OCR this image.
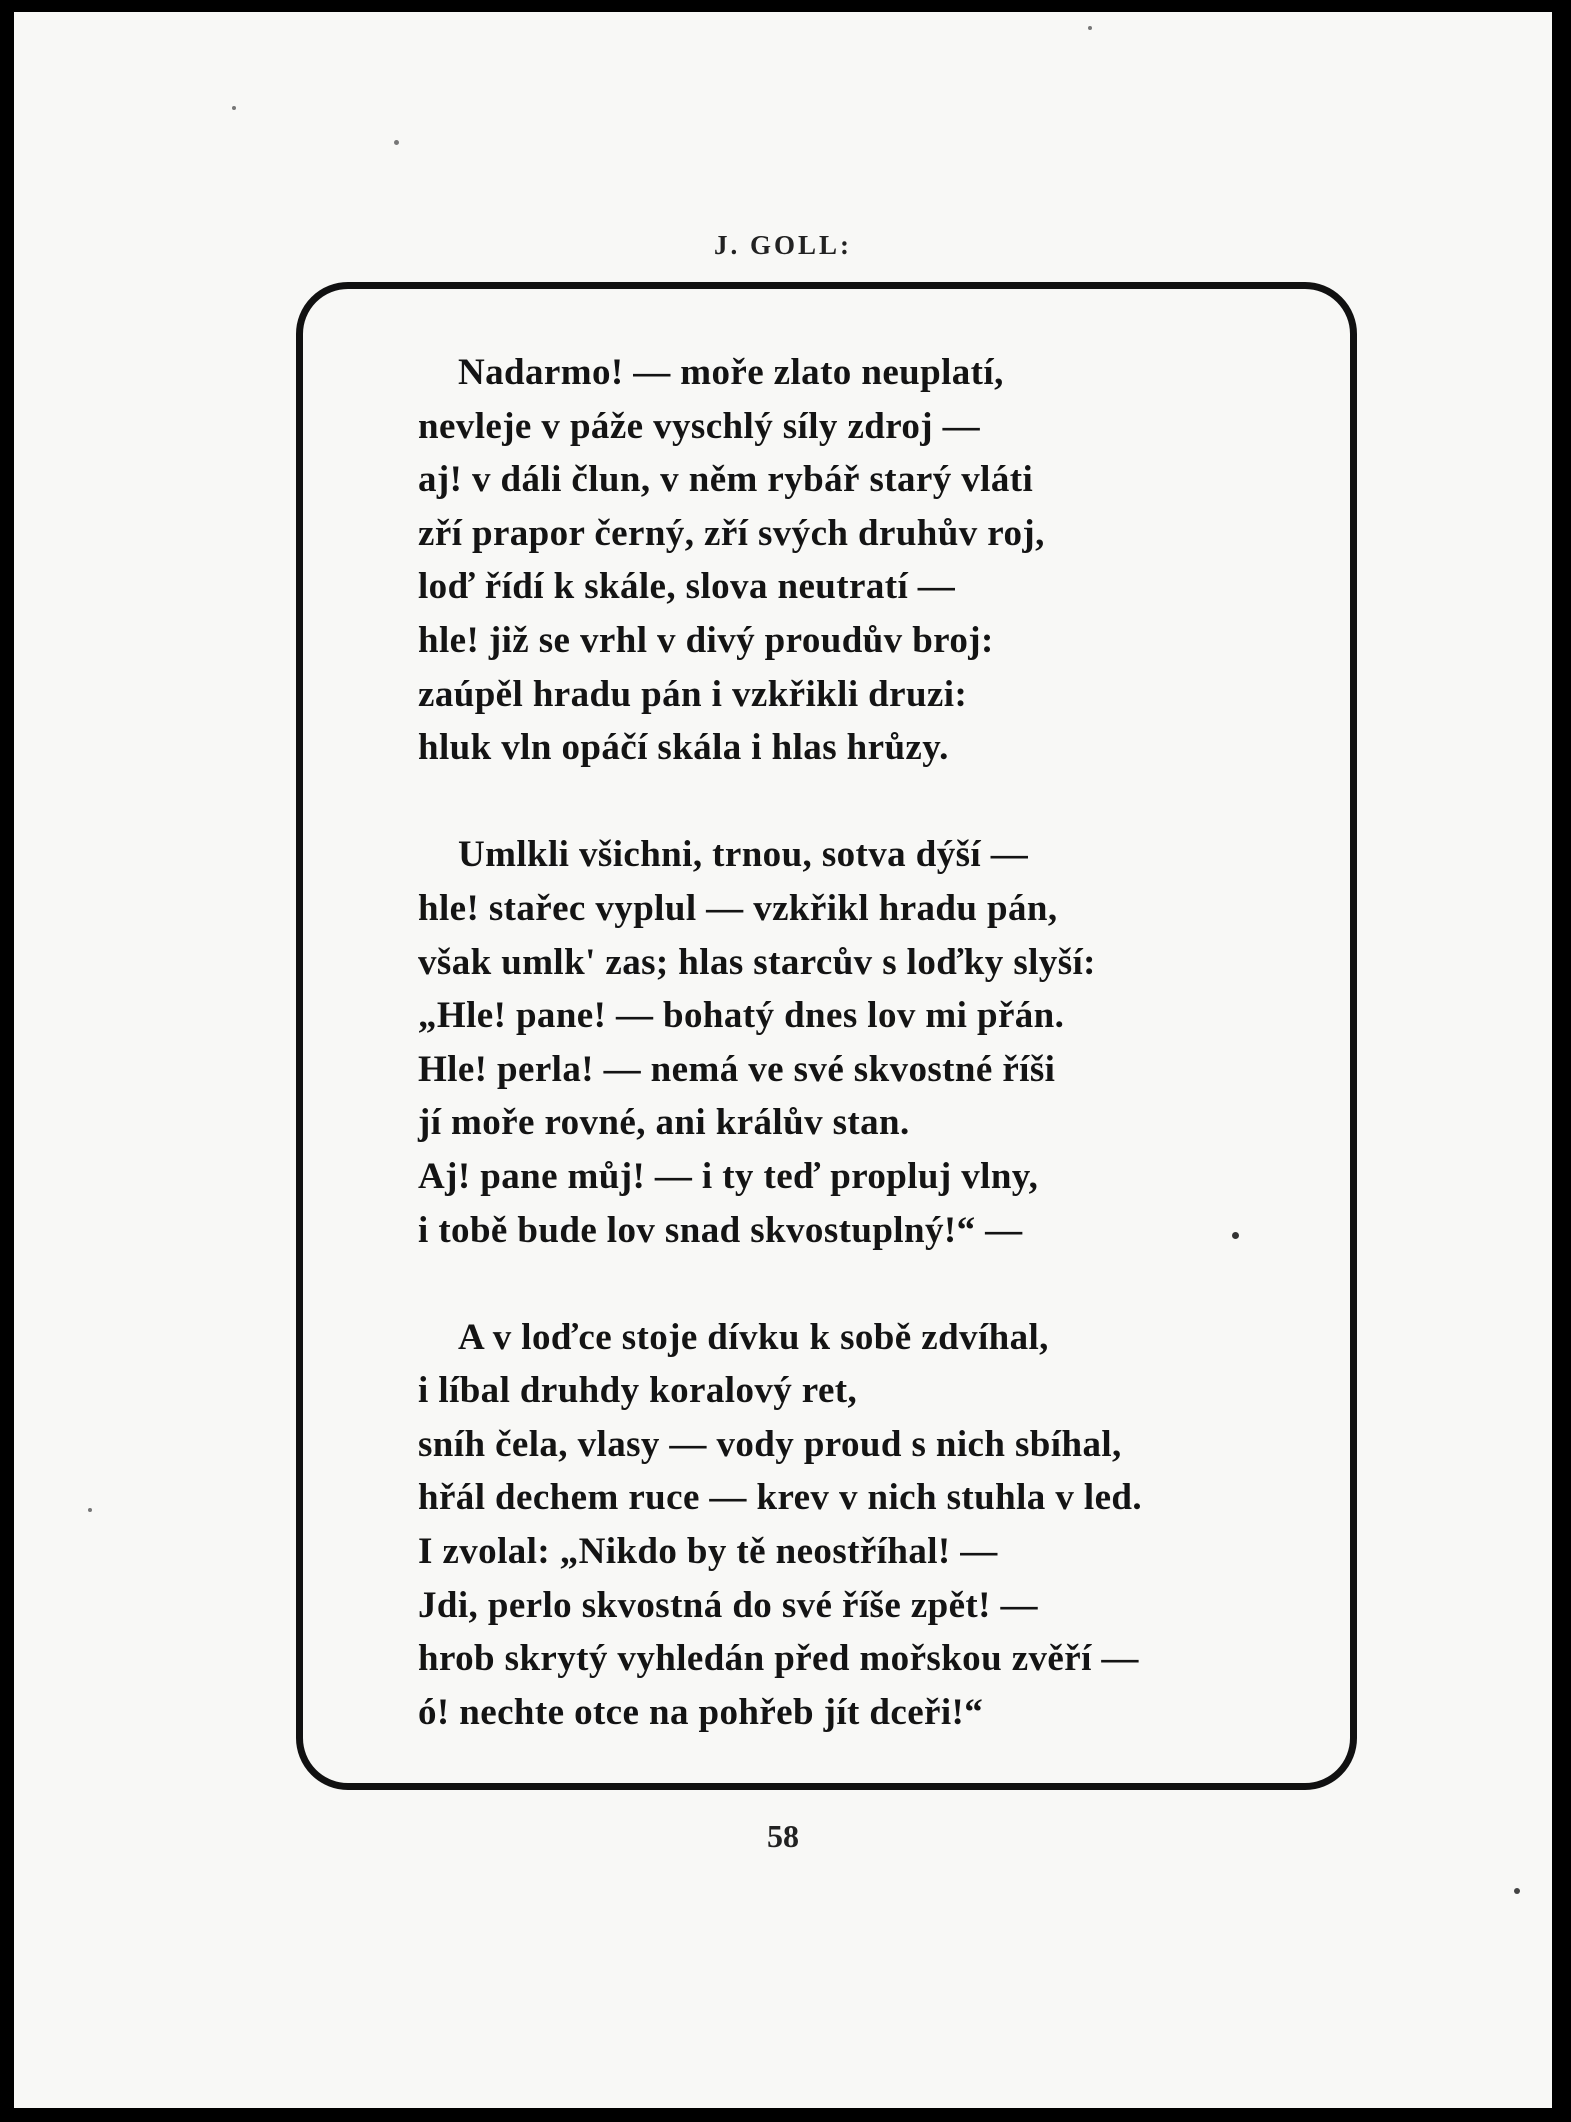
J. GOLL:
Nadarmo! — moře zlato neuplatí,
nevleje v páže vyschlý síly zdroj —
aj! v dáli člun, v něm rybář starý vláti
zří prapor černý, zří svých druhův roj,
loď řídí k skále, slova neutratí —
hle! již se vrhl v divý proudův broj:
zaúpěl hradu pán i vzkřikli druzi:
hluk vln opáčí skála i hlas hrůzy.
Umlkli všichni, trnou, sotva dýší —
hle! stařec vyplul — vzkřikl hradu pán,
však umlk' zas; hlas starcův s loďky slyší:
„Hle! pane! — bohatý dnes lov mi přán.
Hle! perla! — nemá ve své skvostné říši
jí moře rovné, ani králův stan.
Aj! pane můj! — i ty teď propluj vlny,
i tobě bude lov snad skvostuplný!“ —
A v loďce stoje dívku k sobě zdvíhal,
i líbal druhdy koralový ret,
sníh čela, vlasy — vody proud s nich sbíhal,
hřál dechem ruce — krev v nich stuhla v led.
I zvolal: „Nikdo by tě neostříhal! —
Jdi, perlo skvostná do své říše zpět! —
hrob skrytý vyhledán před mořskou zvěří —
ó! nechte otce na pohřeb jít dceři!“
58
